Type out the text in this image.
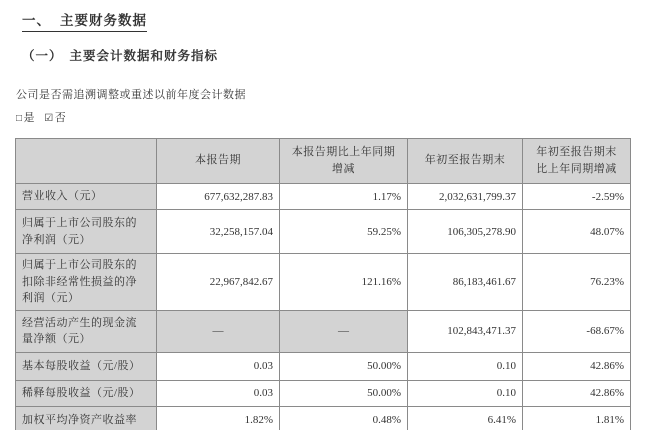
一、 主要财务数据
（一） 主要会计数据和财务指标
公司是否需追溯调整或重述以前年度会计数据
□是 ☑否
	本报告期	本报告期比上年同期增减	年初至报告期末	年初至报告期末比上年同期增减
营业收入（元）	677,632,287.83	1.17%	2,032,631,799.37	-2.59%
归属于上市公司股东的净利润（元）	32,258,157.04	59.25%	106,305,278.90	48.07%
归属于上市公司股东的扣除非经常性损益的净利润（元）	22,967,842.67	121.16%	86,183,461.67	76.23%
经营活动产生的现金流量净额（元）	—	—	102,843,471.37	-68.67%
基本每股收益（元/股）	0.03	50.00%	0.10	42.86%
稀释每股收益（元/股）	0.03	50.00%	0.10	42.86%
加权平均净资产收益率	1.82%	0.48%	6.41%	1.81%
